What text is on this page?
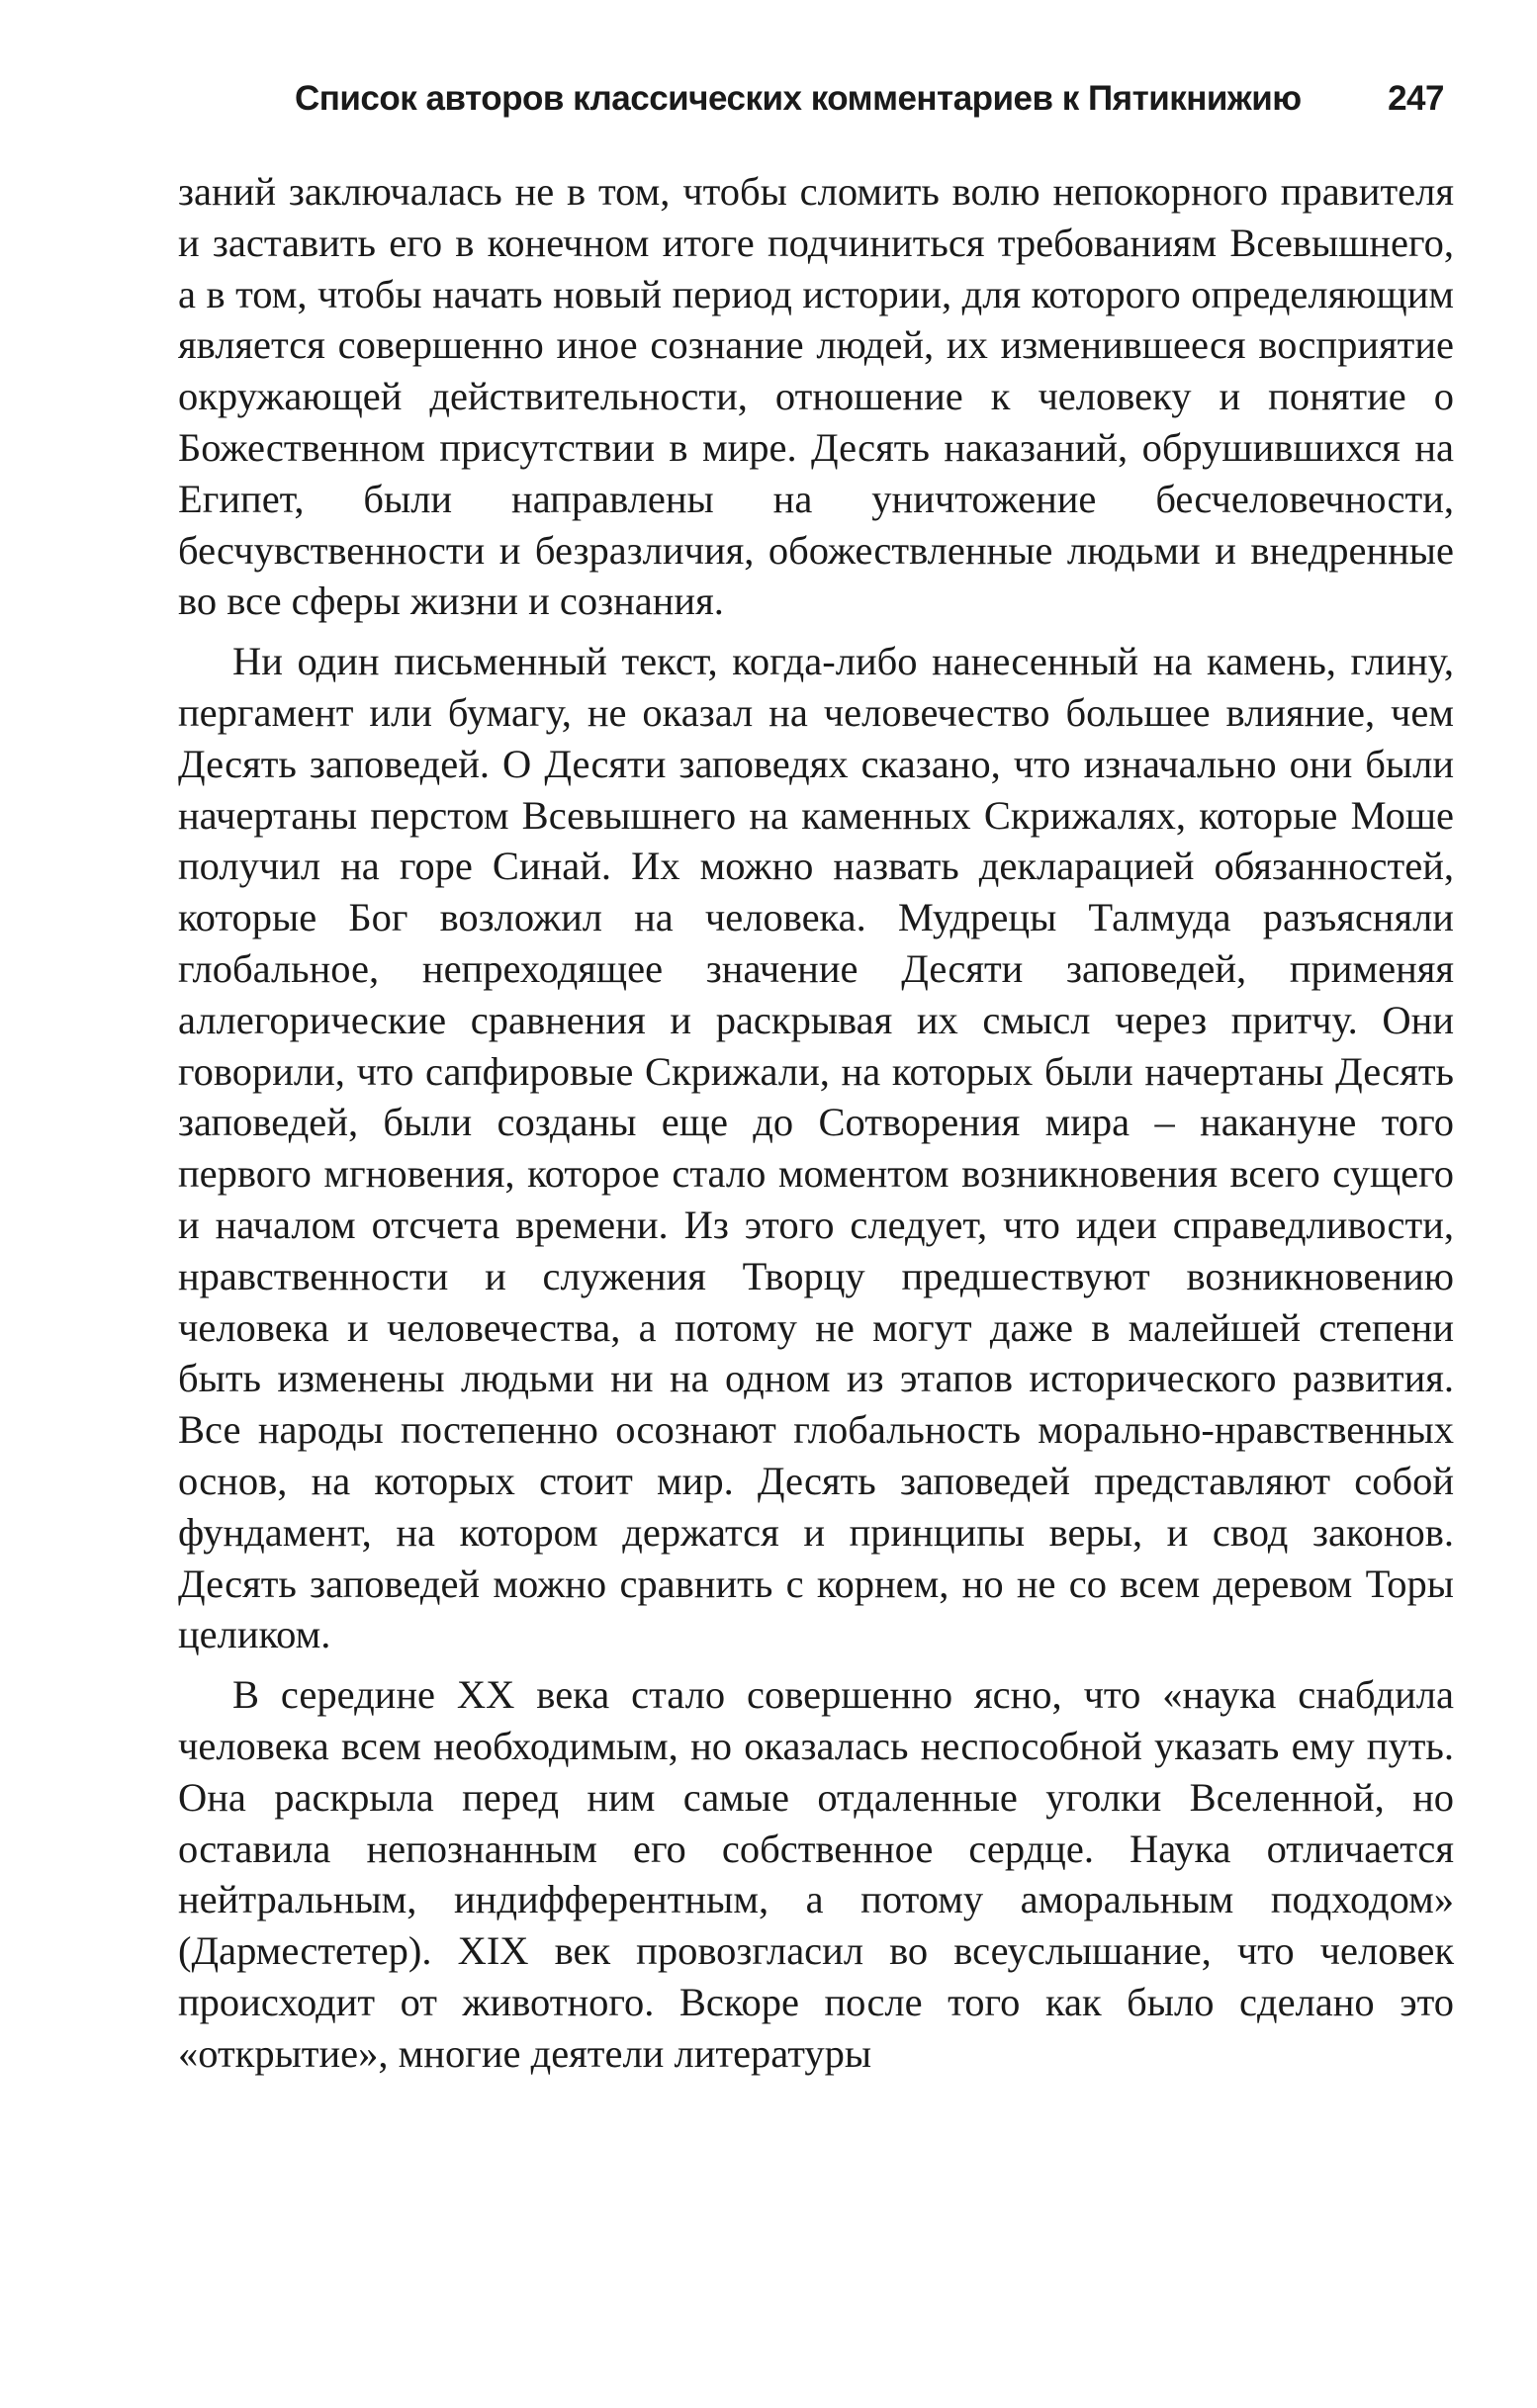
Список авторов классических комментариев к Пятикнижию 247

заний заключалась не в том, чтобы сломить волю непокорного правителя и заставить его в конечном итоге подчиниться требованиям Всевышнего, а в том, чтобы начать новый период истории, для которого определяющим является совершенно иное сознание людей, их изменившееся восприятие окружающей действительности, отношение к человеку и понятие о Божественном присутствии в мире. Десять наказаний, обрушившихся на Египет, были направлены на уничтожение бесчеловечности, бесчувственности и безразличия, обожествленные людьми и внедренные во все сферы жизни и сознания.

Ни один письменный текст, когда-либо нанесенный на камень, глину, пергамент или бумагу, не оказал на человечество большее влияние, чем Десять заповедей. О Десяти заповедях сказано, что изначально они были начертаны перстом Всевышнего на каменных Скрижалях, которые Моше получил на горе Синай. Их можно назвать декларацией обязанностей, которые Бог возложил на человека. Мудрецы Талмуда разъясняли глобальное, непреходящее значение Десяти заповедей, применяя аллегорические сравнения и раскрывая их смысл через притчу. Они говорили, что сапфировые Скрижали, на которых были начертаны Десять заповедей, были созданы еще до Сотворения мира – накануне того первого мгновения, которое стало моментом возникновения всего сущего и началом отсчета времени. Из этого следует, что идеи справедливости, нравственности и служения Творцу предшествуют возникновению человека и человечества, а потому не могут даже в малейшей степени быть изменены людьми ни на одном из этапов исторического развития. Все народы постепенно осознают глобальность морально-нравственных основ, на которых стоит мир. Десять заповедей представляют собой фундамент, на котором держатся и принципы веры, и свод законов. Десять заповедей можно сравнить с корнем, но не со всем деревом Торы целиком.

В середине XX века стало совершенно ясно, что «наука снабдила человека всем необходимым, но оказалась неспособной указать ему путь. Она раскрыла перед ним самые отдаленные уголки Вселенной, но оставила непознанным его собственное сердце. Наука отличается нейтральным, индифферентным, а потому аморальным подходом» (Дарместетер). XIX век провозгласил во всеуслышание, что человек происходит от животного. Вскоре после того как было сделано это «открытие», многие деятели литературы
